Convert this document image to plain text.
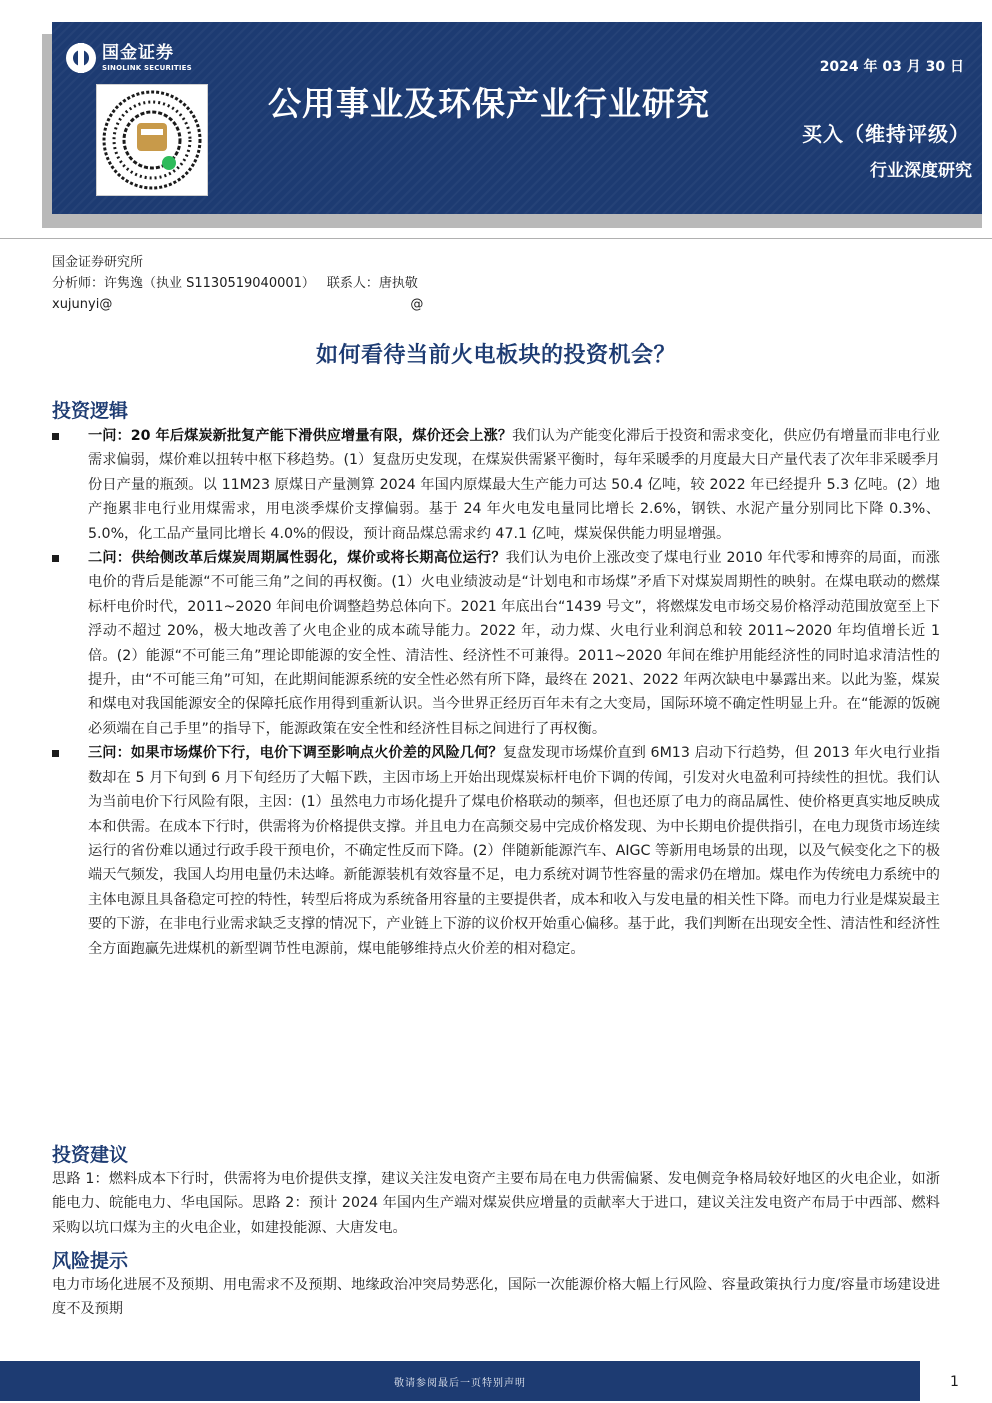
国金证券
SINOLINK SECURITIES
公用事业及环保产业行业研究
2024 年 03 月 30 日
买入（维持评级）
行业深度研究
国金证券研究所
分析师：许隽逸（执业 S1130519040001） 联系人：唐执敬
xujunyi@	@
如何看待当前火电板块的投资机会？
投资逻辑
一问：20 年后煤炭新批复产能下滑供应增量有限，煤价还会上涨？我们认为产能变化滞后于投资和需求变化，供应仍有增量而非电行业需求偏弱，煤价难以扭转中枢下移趋势。(1）复盘历史发现，在煤炭供需紧平衡时，每年采暖季的月度最大日产量代表了次年非采暖季月份日产量的瓶颈。以 11M23 原煤日产量测算 2024 年国内原煤最大生产能力可达 50.4 亿吨，较 2022 年已经提升 5.3 亿吨。(2）地产拖累非电行业用煤需求，用电淡季煤价支撑偏弱。基于 24 年火电发电量同比增长 2.6%，钢铁、水泥产量分别同比下降 0.3%、5.0%，化工品产量同比增长 4.0%的假设，预计商品煤总需求约 47.1 亿吨，煤炭保供能力明显增强。
二问：供给侧改革后煤炭周期属性弱化，煤价或将长期高位运行？我们认为电价上涨改变了煤电行业 2010 年代零和博弈的局面，而涨电价的背后是能源“不可能三角”之间的再权衡。(1）火电业绩波动是“计划电和市场煤”矛盾下对煤炭周期性的映射。在煤电联动的燃煤标杆电价时代，2011~2020 年间电价调整趋势总体向下。2021 年底出台“1439 号文”，将燃煤发电市场交易价格浮动范围放宽至上下浮动不超过 20%，极大地改善了火电企业的成本疏导能力。2022 年，动力煤、火电行业利润总和较 2011~2020 年均值增长近 1 倍。(2）能源“不可能三角”理论即能源的安全性、清洁性、经济性不可兼得。2011~2020 年间在维护用能经济性的同时追求清洁性的提升，由“不可能三角”可知，在此期间能源系统的安全性必然有所下降，最终在 2021、2022 年两次缺电中暴露出来。以此为鉴，煤炭和煤电对我国能源安全的保障托底作用得到重新认识。当今世界正经历百年未有之大变局，国际环境不确定性明显上升。在“能源的饭碗必须端在自己手里”的指导下，能源政策在安全性和经济性目标之间进行了再权衡。
三问：如果市场煤价下行，电价下调至影响点火价差的风险几何？复盘发现市场煤价直到 6M13 启动下行趋势，但 2013 年火电行业指数却在 5 月下旬到 6 月下旬经历了大幅下跌，主因市场上开始出现煤炭标杆电价下调的传闻，引发对火电盈利可持续性的担忧。我们认为当前电价下行风险有限，主因：(1）虽然电力市场化提升了煤电价格联动的频率，但也还原了电力的商品属性、使价格更真实地反映成本和供需。在成本下行时，供需将为价格提供支撑。并且电力在高频交易中完成价格发现、为中长期电价提供指引，在电力现货市场连续运行的省份难以通过行政手段干预电价，不确定性反而下降。(2）伴随新能源汽车、AIGC 等新用电场景的出现，以及气候变化之下的极端天气频发，我国人均用电量仍未达峰。新能源装机有效容量不足，电力系统对调节性容量的需求仍在增加。煤电作为传统电力系统中的主体电源且具备稳定可控的特性，转型后将成为系统备用容量的主要提供者，成本和收入与发电量的相关性下降。而电力行业是煤炭最主要的下游，在非电行业需求缺乏支撑的情况下，产业链上下游的议价权开始重心偏移。基于此，我们判断在出现安全性、清洁性和经济性全方面跑赢先进煤机的新型调节性电源前，煤电能够维持点火价差的相对稳定。
投资建议

思路 1：燃料成本下行时，供需将为电价提供支撑，建议关注发电资产主要布局在电力供需偏紧、发电侧竞争格局较好地区的火电企业，如浙能电力、皖能电力、华电国际。思路 2：预计 2024 年国内生产端对煤炭供应增量的贡献率大于进口，建议关注发电资产布局于中西部、燃料采购以坑口煤为主的火电企业，如建投能源、大唐发电。

风险提示

电力市场化进展不及预期、用电需求不及预期、地缘政治冲突局势恶化，国际一次能源价格大幅上行风险、容量政策执行力度/容量市场建设进度不及预期

敬请参阅最后一页特别声明	1
